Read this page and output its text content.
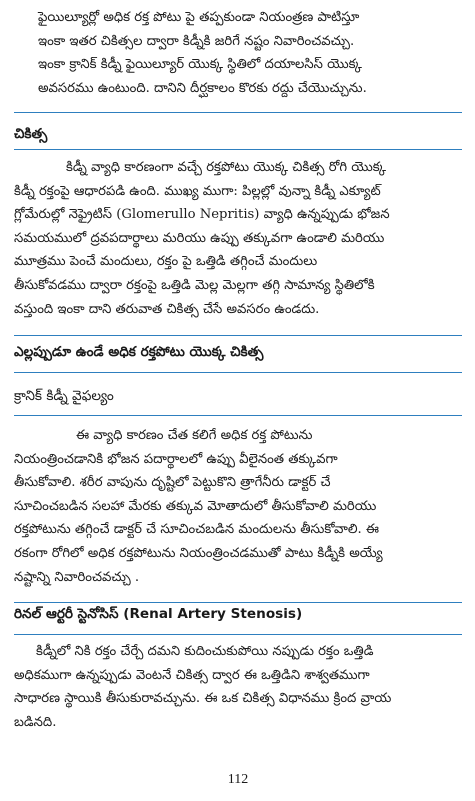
ఫైయిల్యూర్లో అధిక రక్త పోటు పై తప్పకుండా నియంత్రణ పాటిస్తూ
ఇంకా ఇతర చికిత్సల ద్వారా కిడ్నీకి జరిగే నష్టం నివారించవచ్చు.
ఇంకా క్రానిక్ కిడ్నీ ఫైయిల్యూర్ యొక్క స్థితిలో దయాలసిస్ యొక్క
అవసరము ఉంటుంది. దానిని దీర్ఘకాలం కొరకు రద్దు చేయొచ్చును.

చికిత్స

కిడ్నీ వ్యాధి కారణంగా వచ్చే రక్తపోటు యొక్క చికిత్స రోగి యొక్క
కిడ్నీ రక్తంపై ఆధారపడి ఉంది. ముఖ్య ముగా: పిల్లల్లో వున్నా కిడ్నీ ఎక్యూట్
గ్లోమేరుల్లో నెఫ్రైటిస్ (Glomerullo Nepritis) వ్యాధి ఉన్నప్పుడు భోజన
సమయములో ద్రవపదార్థాలు మరియు ఉప్పు తక్కువగా ఉండాలి మరియు
మూత్రము పెంచే మందులు, రక్తం పై ఒత్తిడి తగ్గించే మందులు
తీసుకోవడము ద్వారా రక్తంపై ఒత్తిడి మెల్ల మెల్లగా తగ్గి సామాన్య స్థితిలోకి
వస్తుంది ఇంకా దాని తరువాత చికిత్స చేసే అవసరం ఉండదు.

ఎల్లప్పుడూ ఉండే అధిక రక్తపోటు యొక్క చికిత్స
క్రానిక్ కిడ్నీ వైఫల్యం

ఈ వ్యాధి కారణం చేత కలిగే అధిక రక్త పోటును
నియంత్రించడానికి భోజన పదార్థాలలో ఉప్పు వీలైనంత తక్కువగా
తీసుకోవాలి. శరీర వాపును దృష్టిలో పెట్టుకొని త్రాగేనీరు డాక్టర్ చే
సూచించబడిన సలహా మేరకు తక్కువ మోతాదులో తీసుకోవాలి మరియు
రక్తపోటును తగ్గించే డాక్టర్ చే సూచించబడిన మందులను తీసుకోవాలి. ఈ
రకంగా రోగిలో అధిక రక్తపోటును నియంత్రించడముతో పాటు కిడ్నీకి అయ్యే
నష్టాన్ని నివారించవచ్చు .

రినల్ ఆర్టరీ స్టెనోసిస్ (Renal Artery Stenosis)

కిడ్నీలో నికి రక్తం చేర్చే దమని కుదించుకుపోయి నప్పుడు రక్తం ఒత్తిడి
అధికముగా ఉన్నప్పుడు వెంటనే చికిత్స ద్వార ఈ ఒత్తిడిని శాశ్వతముగా
సాధారణ స్థాయికి తీసుకురావచ్చును. ఈ ఒక చికిత్స విధానము క్రింద వ్రాయ
బడినది.

112
